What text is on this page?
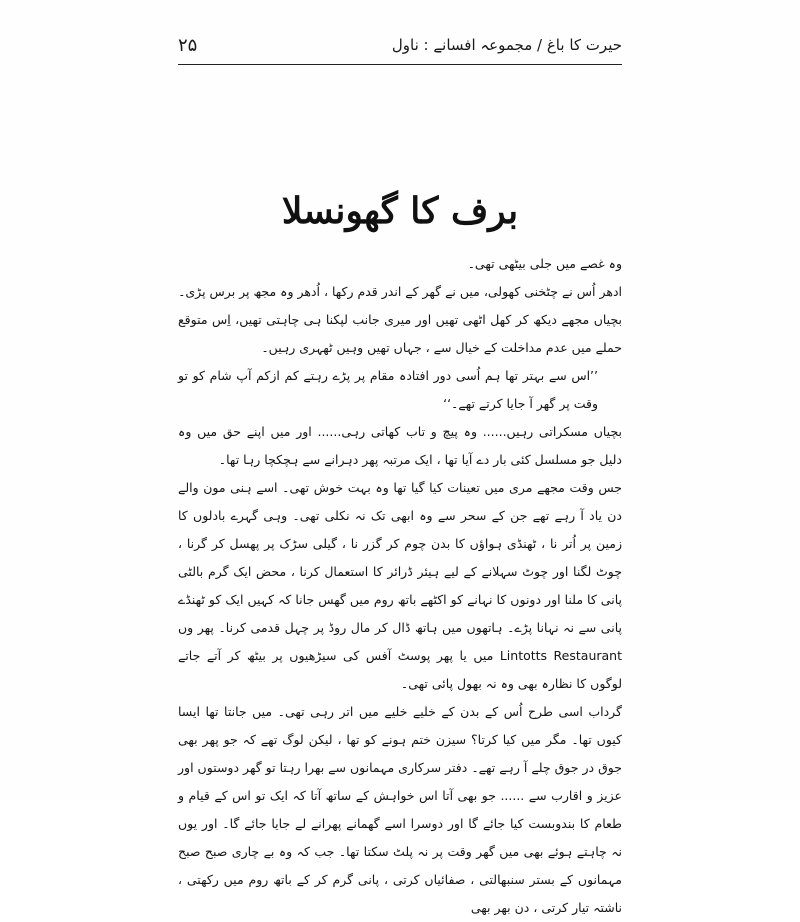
۲۵	حیرت کا باغ / مجموعہ افسانے : ناول
برف کا گھونسلا

وہ غصے میں جلی بیٹھی تھی۔

ادھر اُس نے چٹخنی کھولی، میں نے گھر کے اندر قدم رکھا ، اُدھر وہ مجھ پر برس پڑی۔

بچیاں مجھے دیکھ کر کھل اٹھی تھیں اور میری جانب لپکنا ہی چاہتی تھیں، اِس متوقع حملے میں عدم مداخلت کے خیال سے ، جہاں تھیں وہیں ٹھہری رہیں۔

’’اس سے بہتر تھا ہم اُسی دور افتادہ مقام پر پڑے رہتے کم ازکم آپ شام کو تو وقت پر گھر آ جایا کرتے تھے۔‘‘

بچیاں مسکراتی رہیں...... وہ پیچ و تاب کھاتی رہی...... اور میں اپنے حق میں وہ دلیل جو مسلسل کئی بار دے آیا تھا ، ایک مرتبہ پھر دہرانے سے ہچکچا رہا تھا۔

جس وقت مجھے مری میں تعینات کیا گیا تھا وہ بہت خوش تھی۔ اسے ہنی مون والے دن یاد آ رہے تھے جن کے سحر سے وہ ابھی تک نہ نکلی تھی۔ وہی گہرے بادلوں کا زمین پر اُتر نا ، ٹھنڈی ہواؤں کا بدن چوم کر گزر نا ، گیلی سڑک پر پھسل کر گرنا ، چوٹ لگنا اور چوٹ سہلانے کے لیے ہیئر ڈرائر کا استعمال کرنا ، محض ایک گرم بالٹی پانی کا ملنا اور دونوں کا نہانے کو اکٹھے باتھ روم میں گھس جانا کہ کہیں ایک کو ٹھنڈے پانی سے نہ نہانا پڑے۔ ہاتھوں میں ہاتھ ڈال کر مال روڈ پر چہل قدمی کرنا۔ پھر وں Lintotts Restaurant میں یا پھر پوسٹ آفس کی سیڑھیوں پر بیٹھ کر آتے جاتے لوگوں کا نظارہ بھی وہ نہ بھول پائی تھی۔

گرداب اسی طرح اُس کے بدن کے خلیے خلیے میں اتر رہی تھی۔ میں جانتا تھا ایسا کیوں تھا۔ مگر میں کیا کرتا؟ سیزن ختم ہونے کو تھا ، لیکن لوگ تھے کہ جو پھر بھی جوق در جوق چلے آ رہے تھے۔ دفتر سرکاری مہمانوں سے بھرا رہتا تو گھر دوستوں اور عزیز و اقارب سے ...... جو بھی آتا اس خواہش کے ساتھ آتا کہ ایک تو اس کے قیام و طعام کا بندوبست کیا جائے گا اور دوسرا اسے گھمانے پھرانے لے جایا جائے گا۔ اور یوں نہ چاہتے ہوئے بھی میں گھر وقت پر نہ پلٹ سکتا تھا۔ جب کہ وہ بے چاری صبح صبح مہمانوں کے بستر سنبھالتی ، صفائیاں کرتی ، پانی گرم کر کے باتھ روم میں رکھتی ، ناشتہ تیار کرتی ، دن بھر بھی
